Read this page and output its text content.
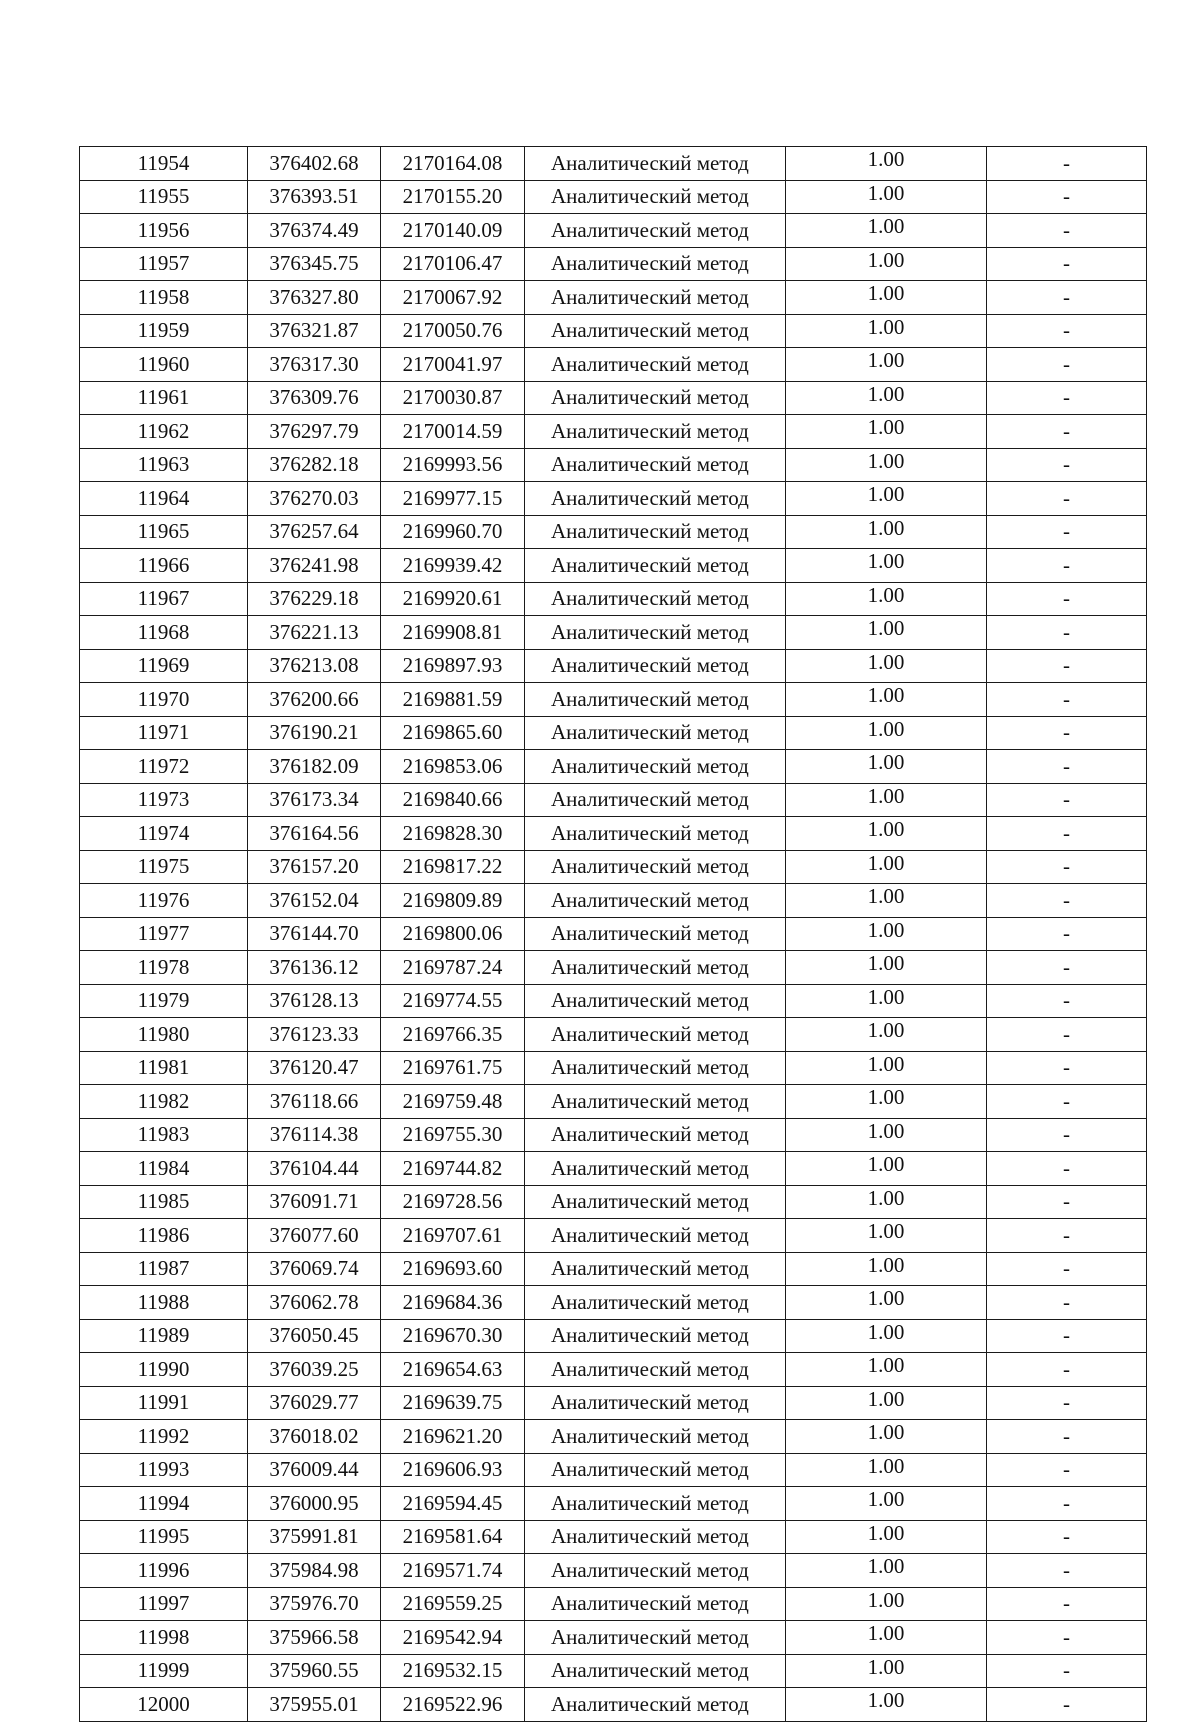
11954	376402.68	2170164.08	Аналитический метод	1.00	-
11955	376393.51	2170155.20	Аналитический метод	1.00	-
11956	376374.49	2170140.09	Аналитический метод	1.00	-
11957	376345.75	2170106.47	Аналитический метод	1.00	-
11958	376327.80	2170067.92	Аналитический метод	1.00	-
11959	376321.87	2170050.76	Аналитический метод	1.00	-
11960	376317.30	2170041.97	Аналитический метод	1.00	-
11961	376309.76	2170030.87	Аналитический метод	1.00	-
11962	376297.79	2170014.59	Аналитический метод	1.00	-
11963	376282.18	2169993.56	Аналитический метод	1.00	-
11964	376270.03	2169977.15	Аналитический метод	1.00	-
11965	376257.64	2169960.70	Аналитический метод	1.00	-
11966	376241.98	2169939.42	Аналитический метод	1.00	-
11967	376229.18	2169920.61	Аналитический метод	1.00	-
11968	376221.13	2169908.81	Аналитический метод	1.00	-
11969	376213.08	2169897.93	Аналитический метод	1.00	-
11970	376200.66	2169881.59	Аналитический метод	1.00	-
11971	376190.21	2169865.60	Аналитический метод	1.00	-
11972	376182.09	2169853.06	Аналитический метод	1.00	-
11973	376173.34	2169840.66	Аналитический метод	1.00	-
11974	376164.56	2169828.30	Аналитический метод	1.00	-
11975	376157.20	2169817.22	Аналитический метод	1.00	-
11976	376152.04	2169809.89	Аналитический метод	1.00	-
11977	376144.70	2169800.06	Аналитический метод	1.00	-
11978	376136.12	2169787.24	Аналитический метод	1.00	-
11979	376128.13	2169774.55	Аналитический метод	1.00	-
11980	376123.33	2169766.35	Аналитический метод	1.00	-
11981	376120.47	2169761.75	Аналитический метод	1.00	-
11982	376118.66	2169759.48	Аналитический метод	1.00	-
11983	376114.38	2169755.30	Аналитический метод	1.00	-
11984	376104.44	2169744.82	Аналитический метод	1.00	-
11985	376091.71	2169728.56	Аналитический метод	1.00	-
11986	376077.60	2169707.61	Аналитический метод	1.00	-
11987	376069.74	2169693.60	Аналитический метод	1.00	-
11988	376062.78	2169684.36	Аналитический метод	1.00	-
11989	376050.45	2169670.30	Аналитический метод	1.00	-
11990	376039.25	2169654.63	Аналитический метод	1.00	-
11991	376029.77	2169639.75	Аналитический метод	1.00	-
11992	376018.02	2169621.20	Аналитический метод	1.00	-
11993	376009.44	2169606.93	Аналитический метод	1.00	-
11994	376000.95	2169594.45	Аналитический метод	1.00	-
11995	375991.81	2169581.64	Аналитический метод	1.00	-
11996	375984.98	2169571.74	Аналитический метод	1.00	-
11997	375976.70	2169559.25	Аналитический метод	1.00	-
11998	375966.58	2169542.94	Аналитический метод	1.00	-
11999	375960.55	2169532.15	Аналитический метод	1.00	-
12000	375955.01	2169522.96	Аналитический метод	1.00	-
